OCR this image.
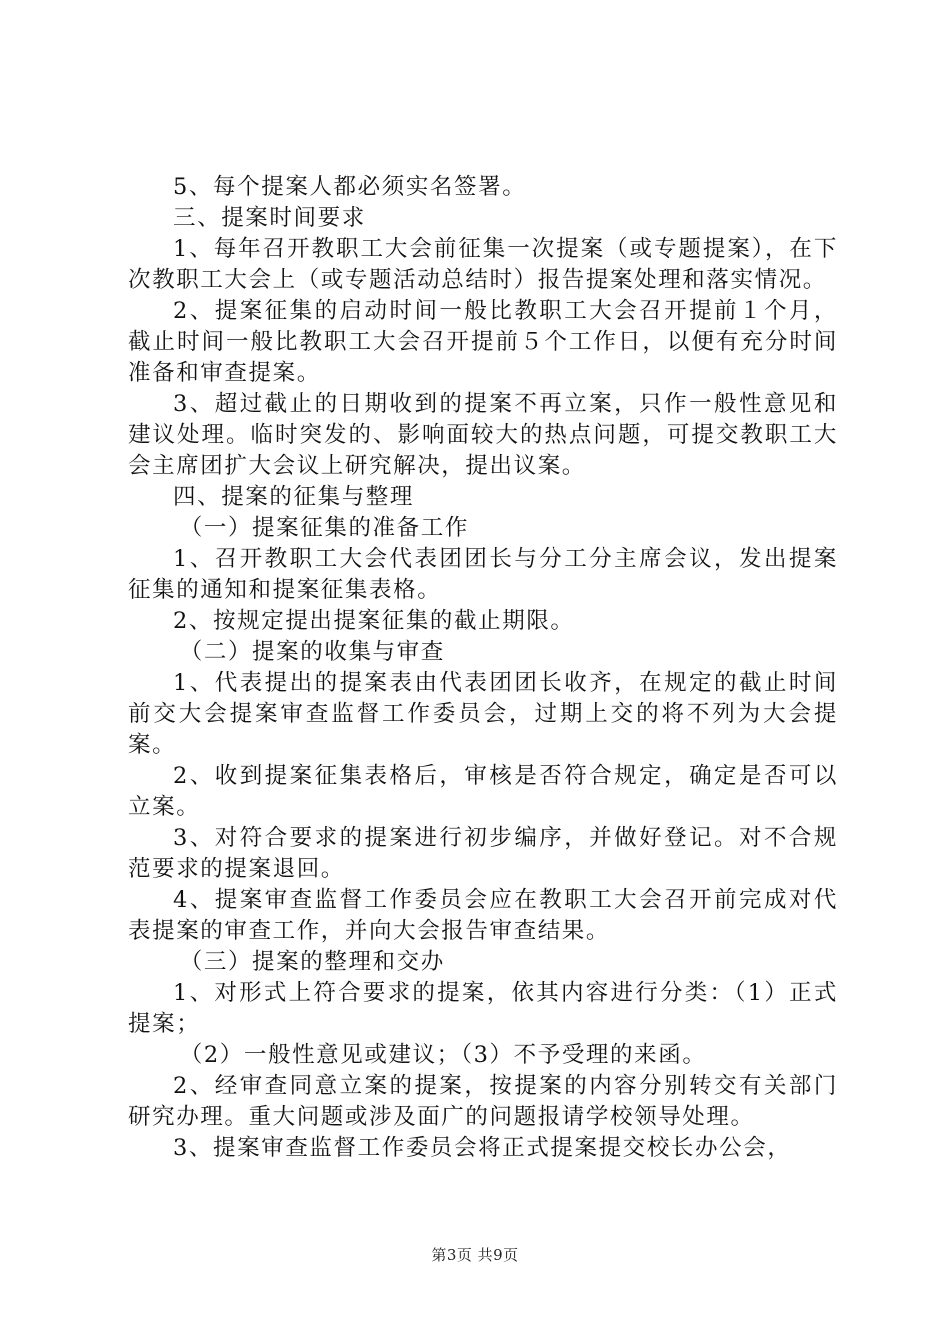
5、每个提案人都必须实名签署。

三、提案时间要求

1、每年召开教职工大会前征集一次提案（或专题提案），在下次教职工大会上（或专题活动总结时）报告提案处理和落实情况。

2、提案征集的启动时间一般比教职工大会召开提前１个月，截止时间一般比教职工大会召开提前５个工作日，以便有充分时间准备和审查提案。

3、超过截止的日期收到的提案不再立案，只作一般性意见和建议处理。临时突发的、影响面较大的热点问题，可提交教职工大会主席团扩大会议上研究解决，提出议案。

四、提案的征集与整理

（一）提案征集的准备工作

1、召开教职工大会代表团团长与分工分主席会议，发出提案征集的通知和提案征集表格。

2、按规定提出提案征集的截止期限。

（二）提案的收集与审查

1、代表提出的提案表由代表团团长收齐，在规定的截止时间前交大会提案审查监督工作委员会，过期上交的将不列为大会提案。

2、收到提案征集表格后，审核是否符合规定，确定是否可以立案。

3、对符合要求的提案进行初步编序，并做好登记。对不合规范要求的提案退回。

4、提案审查监督工作委员会应在教职工大会召开前完成对代表提案的审查工作，并向大会报告审查结果。

（三）提案的整理和交办

1、对形式上符合要求的提案，依其内容进行分类：（1）正式提案；

（2）一般性意见或建议；（3）不予受理的来函。

2、经审查同意立案的提案，按提案的内容分别转交有关部门研究办理。重大问题或涉及面广的问题报请学校领导处理。

3、提案审查监督工作委员会将正式提案提交校长办公会，

第3页 共9页
